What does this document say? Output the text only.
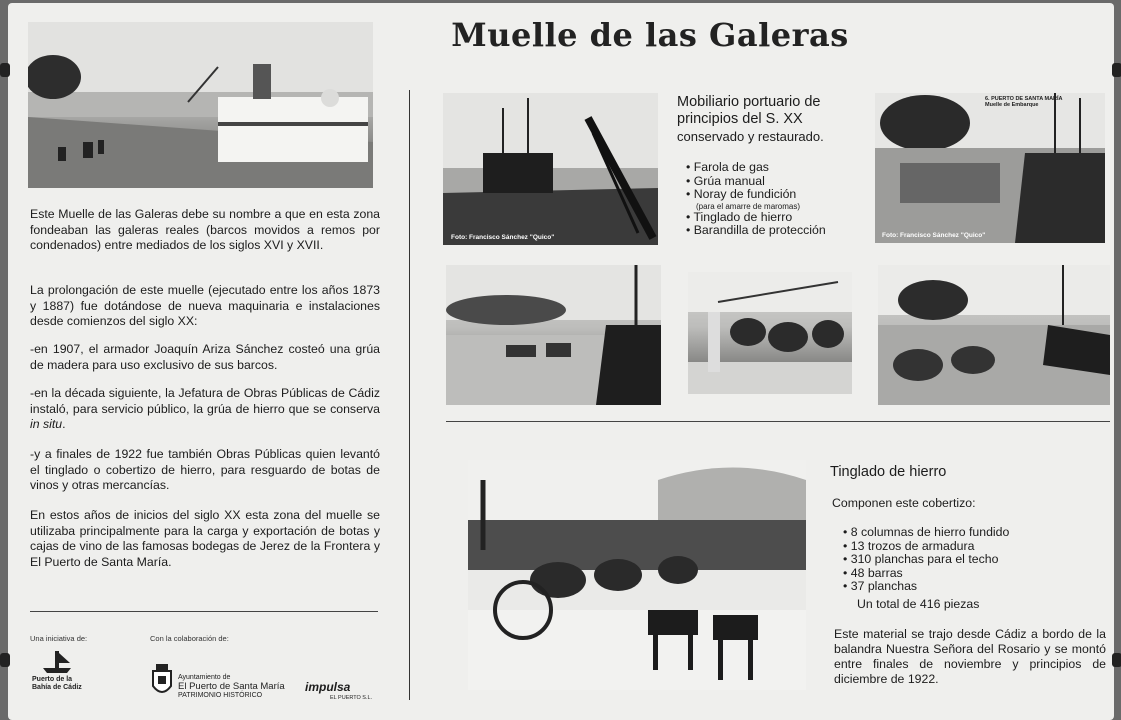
Muelle de las Galeras

Este Muelle de las Galeras debe su nombre a que en esta zona fondeaban las galeras reales (barcos movidos a remos por condenados) entre mediados de los siglos XVI y XVII.

La prolongación de este muelle (ejecutado entre los años 1873 y 1887) fue dotándose de nueva maquinaria e instalaciones desde comienzos del siglo XX:

-en 1907, el armador Joaquín Ariza Sánchez costeó una grúa de madera para uso exclusivo de sus barcos.

-en la década siguiente, la Jefatura de Obras Públicas de Cádiz instaló, para servicio público, la grúa de hierro que se conserva in situ.

-y a finales de 1922 fue también Obras Públicas quien levantó el tinglado o cobertizo de hierro, para resguardo de botas de vinos y otras mercancías.

En estos años de inicios del siglo XX esta zona del muelle se utilizaba principalmente para la carga y exportación de botas y cajas de vino de las famosas bodegas de Jerez de la Frontera y El Puerto de Santa María.

Una iniciativa de:	Con la colaboración de:
Puerto de la
Bahía de Cádiz
Ayuntamiento de
El Puerto de Santa María
PATRIMONIO HISTÓRICO
impulsa
EL PUERTO S.L.
Foto: Francisco Sánchez "Quico"
Mobiliario portuario de
principios del S. XX
conservado y restaurado.
• Farola de gas
• Grúa manual
• Noray de fundición
(para el amarre de maromas)
• Tinglado de hierro
• Barandilla de protección
6. PUERTO DE SANTA MARÍA
Muelle de Embarque
Foto: Francisco Sánchez "Quico"
Tinglado de hierro
Componen este cobertizo:
• 8 columnas de hierro fundido
• 13 trozos de armadura
• 310 planchas para el techo
• 48 barras
• 37 planchas
Un total de 416 piezas

Este material se trajo desde Cádiz a bordo de la balandra Nuestra Señora del Rosario y se montó entre finales de noviembre y principios de diciembre de 1922.
